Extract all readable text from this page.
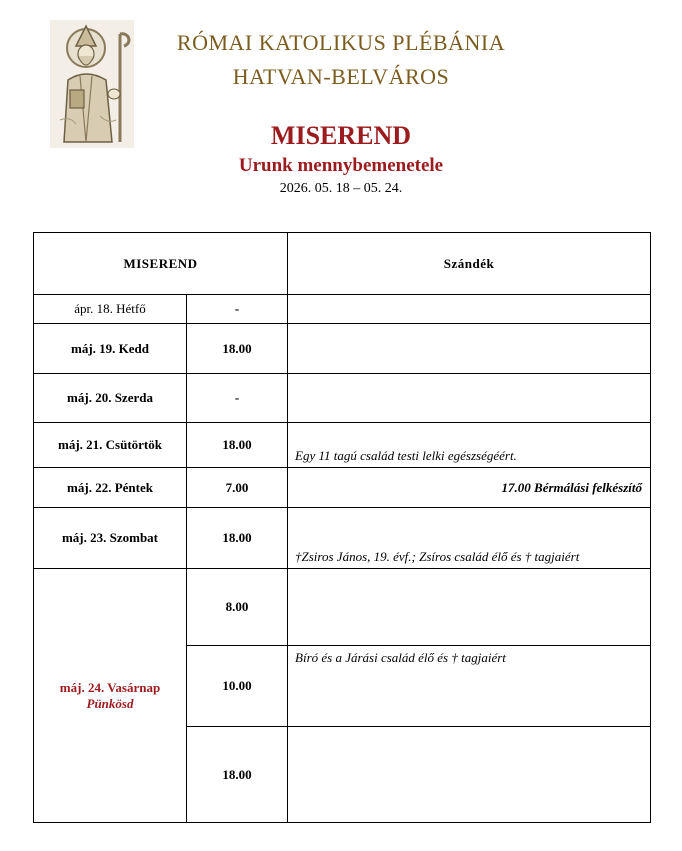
RÓMAI KATOLIKUS PLÉBÁNIA
HATVAN-BELVÁROS
MISEREND
Urunk mennybemenetele
2026. 05. 18 – 05. 24.
MISEREND		Szándék
ápr. 18. Hétfő	-	
máj. 19. Kedd	18.00	
máj. 20. Szerda	-	
máj. 21. Csütörtök	18.00	Egy 11 tagú család testi lelki egészségéért.
máj. 22. Péntek	7.00	17.00 Bérmálási felkészítő
máj. 23. Szombat	18.00	†Zsiros János, 19. évf.; Zsíros család élő és † tagjaiért
máj. 24. Vasárnap
Pünkösd	8.00	
	10.00	Bíró és a Járási család élő és † tagjaiért
	18.00	
